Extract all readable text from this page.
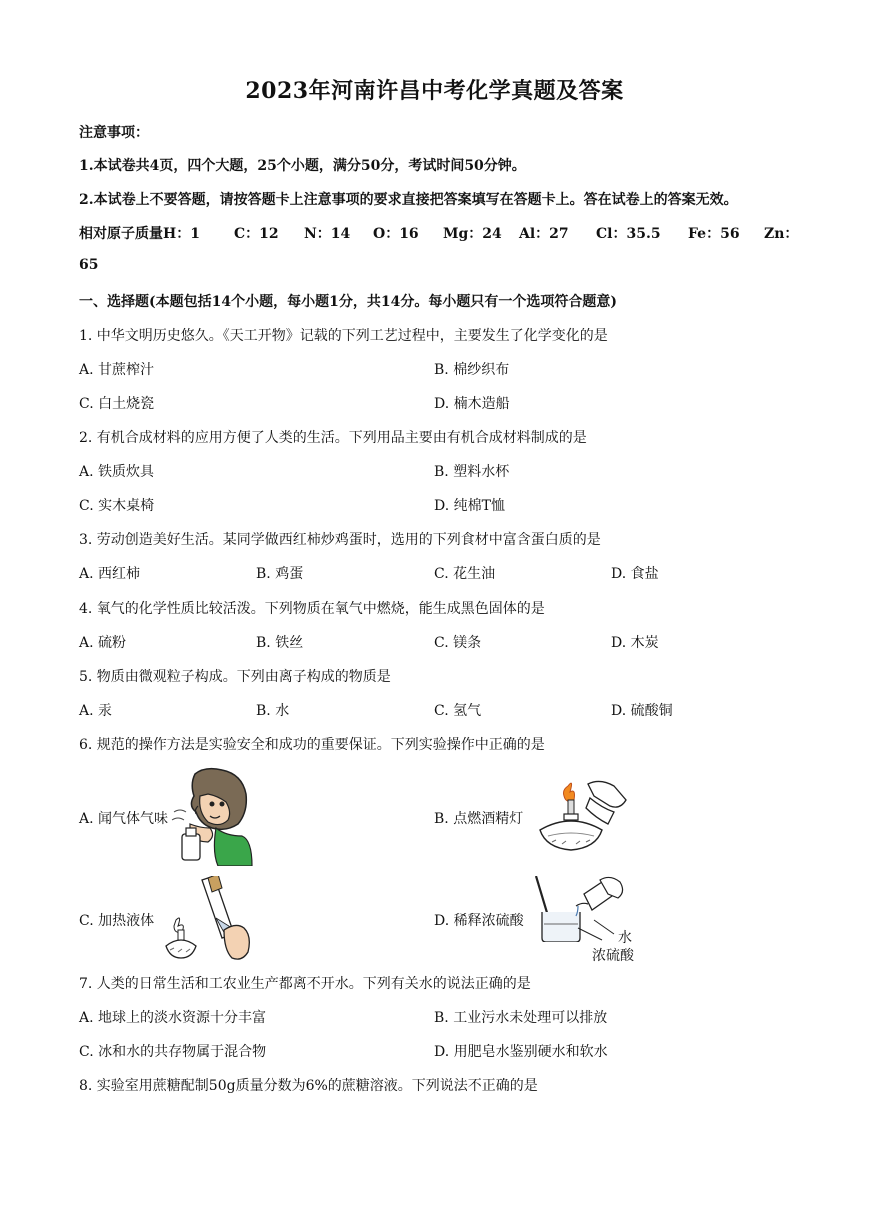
2023年河南许昌中考化学真题及答案
注意事项：
1.本试卷共4页，四个大题，25个小题，满分50分，考试时间50分钟。
2.本试卷上不要答题，请按答题卡上注意事项的要求直接把答案填写在答题卡上。答在试卷上的答案无效。
相对原子质量H：1 C：12 N：14 O：16 Mg：24 Al：27 Cl：35.5 Fe：56 Zn：
65
一、选择题(本题包括14个小题，每小题1分，共14分。每小题只有一个选项符合题意)
1. 中华文明历史悠久。《天工开物》记载的下列工艺过程中，主要发生了化学变化的是
A. 甘蔗榨汁	B. 棉纱织布
C. 白土烧瓷	D. 楠木造船
2. 有机合成材料的应用方便了人类的生活。下列用品主要由有机合成材料制成的是
A. 铁质炊具	B. 塑料水杯
C. 实木桌椅	D. 纯棉T恤
3. 劳动创造美好生活。某同学做西红柿炒鸡蛋时，选用的下列食材中富含蛋白质的是
A. 西红柿	B. 鸡蛋	C. 花生油	D. 食盐
4. 氧气的化学性质比较活泼。下列物质在氧气中燃烧，能生成黑色固体的是
A. 硫粉	B. 铁丝	C. 镁条	D. 木炭
5. 物质由微观粒子构成。下列由离子构成的物质是
A. 汞	B. 水	C. 氢气	D. 硫酸铜
6. 规范的操作方法是实验安全和成功的重要保证。下列实验操作中正确的是
A. 闻气体气味	B. 点燃酒精灯
C. 加热液体	D. 稀释浓硫酸
水
浓硫酸
7. 人类的日常生活和工农业生产都离不开水。下列有关水的说法正确的是
A. 地球上的淡水资源十分丰富	B. 工业污水未处理可以排放
C. 冰和水的共存物属于混合物	D. 用肥皂水鉴别硬水和软水
8. 实验室用蔗糖配制50g质量分数为6%的蔗糖溶液。下列说法不正确的是
